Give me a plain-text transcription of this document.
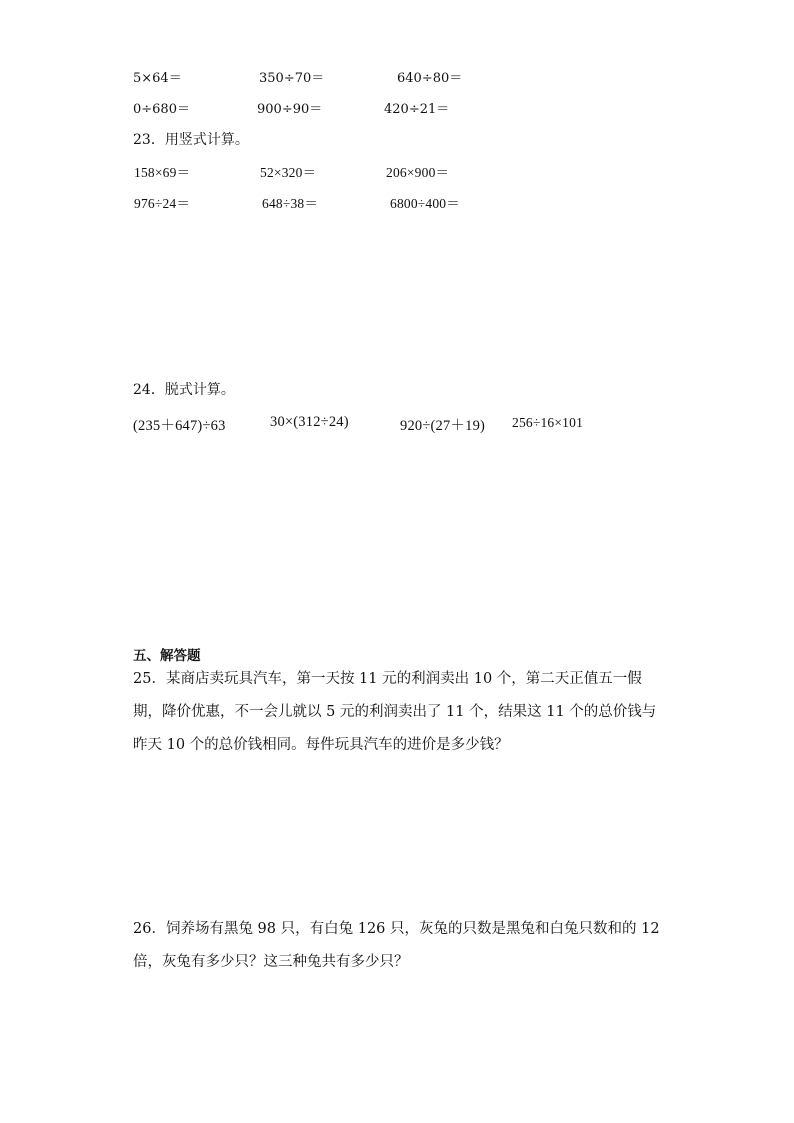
5×64＝	350÷70＝	640÷80＝
0÷680＝	900÷90＝	420÷21＝
23．用竖式计算。
158×69＝	52×320＝	206×900＝
976÷24＝	648÷38＝	6800÷400＝
24．脱式计算。
(235＋647)÷63	30×(312÷24)	920÷(27＋19) 256÷16×101
五、解答题
25．某商店卖玩具汽车，第一天按 11 元的利润卖出 10 个，第二天正值五一假期，降价优惠，不一会儿就以 5 元的利润卖出了 11 个，结果这 11 个的总价钱与昨天 10 个的总价钱相同。每件玩具汽车的进价是多少钱？
26．饲养场有黑兔 98 只，有白兔 126 只，灰兔的只数是黑兔和白兔只数和的 12 倍，灰兔有多少只？这三种兔共有多少只？
